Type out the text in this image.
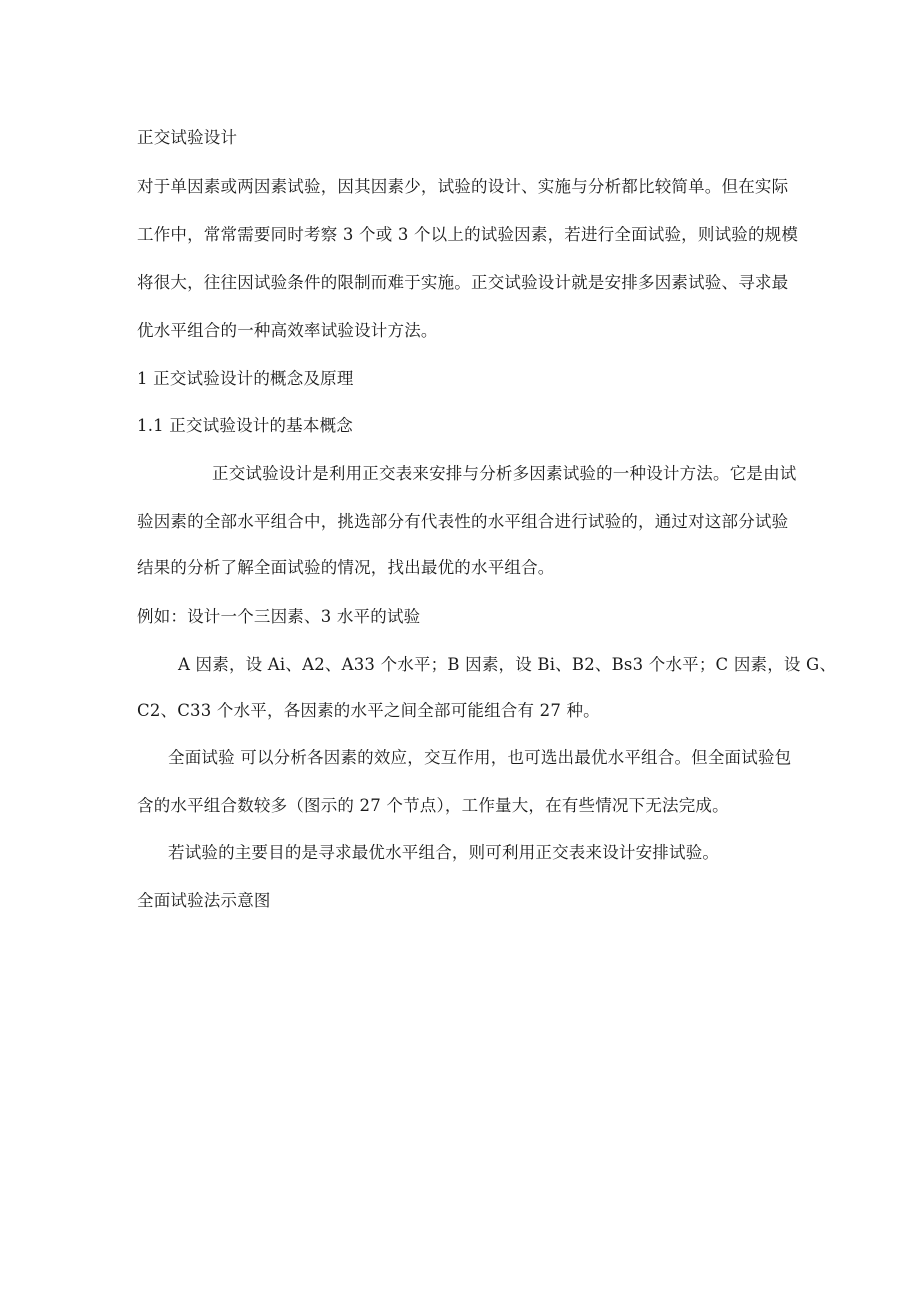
正交试验设计
对于单因素或两因素试验，因其因素少，试验的设计、实施与分析都比较简单。但在实际
工作中，常常需要同时考察 3 个或 3 个以上的试验因素，若进行全面试验，则试验的规模
将很大，往往因试验条件的限制而难于实施。正交试验设计就是安排多因素试验、寻求最
优水平组合的一种高效率试验设计方法。
1 正交试验设计的概念及原理
1.1 正交试验设计的基本概念
正交试验设计是利用正交表来安排与分析多因素试验的一种设计方法。它是由试
验因素的全部水平组合中，挑选部分有代表性的水平组合进行试验的，通过对这部分试验
结果的分析了解全面试验的情况，找出最优的水平组合。
例如：设计一个三因素、3 水平的试验
A 因素，设 Ai、A2、A33 个水平；B 因素，设 Bi、B2、Bs3 个水平；C 因素，设 G、
C2、C33 个水平，各因素的水平之间全部可能组合有 27 种。
全面试验 可以分析各因素的效应，交互作用，也可选出最优水平组合。但全面试验包
含的水平组合数较多（图示的 27 个节点），工作量大，在有些情况下无法完成。
若试验的主要目的是寻求最优水平组合，则可利用正交表来设计安排试验。
全面试验法示意图
